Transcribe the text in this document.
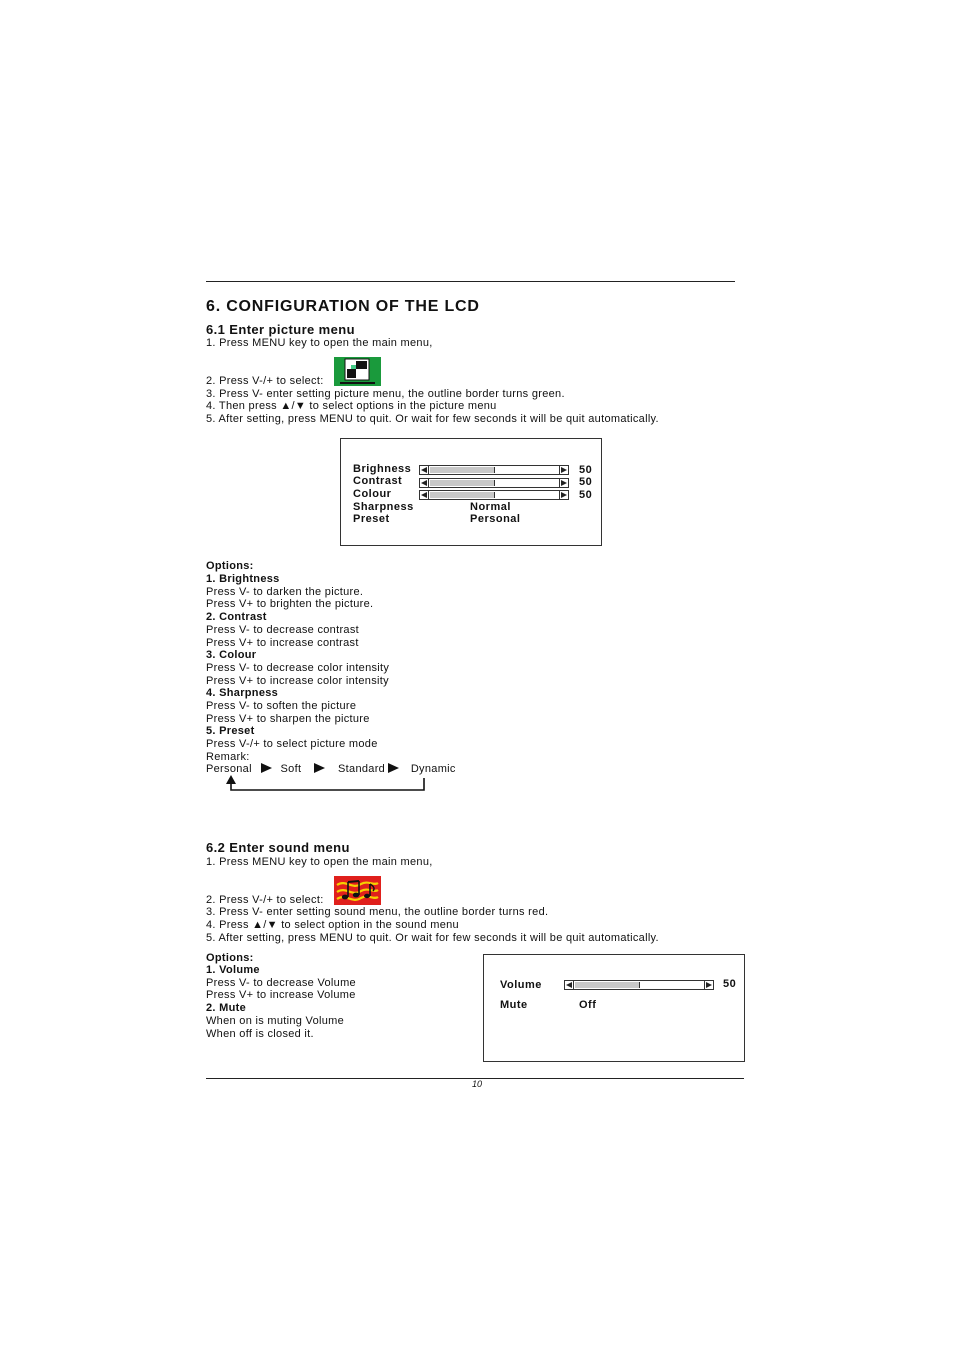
6. CONFIGURATION OF THE LCD
6.1 Enter picture menu
1. Press MENU key to open the main menu,
2. Press V-/+ to select:
3. Press V- enter setting picture menu, the outline border turns green.
4. Then press ▲/▼ to select options in the picture menu
5. After setting, press MENU to quit. Or wait for few seconds it will be quit automatically.
Brighness	50
Contrast	50
Colour	50
Sharpness	Normal
Preset	Personal
Options:
1. Brightness
Press V- to darken the picture.
Press V+ to brighten the picture.
2. Contrast
Press V- to decrease contrast
Press V+ to increase contrast
3. Colour
Press V- to decrease color intensity
Press V+ to increase color intensity
4. Sharpness
Press V- to soften the picture
Press V+ to sharpen the picture
5. Preset
Press V-/+ to select picture mode
Remark:
Personal	Soft	Standard Dynamic
6.2 Enter sound menu
1. Press MENU key to open the main menu,
2. Press V-/+ to select:
3. Press V- enter setting sound menu, the outline border turns red.
4. Press ▲/▼ to select option in the sound menu
5. After setting, press MENU to quit. Or wait for few seconds it will be quit automatically.
Options:
1. Volume
Press V- to decrease Volume
Press V+ to increase Volume
2. Mute
When on is muting Volume
When off is closed it.
Volume	50
Mute	Off
10
